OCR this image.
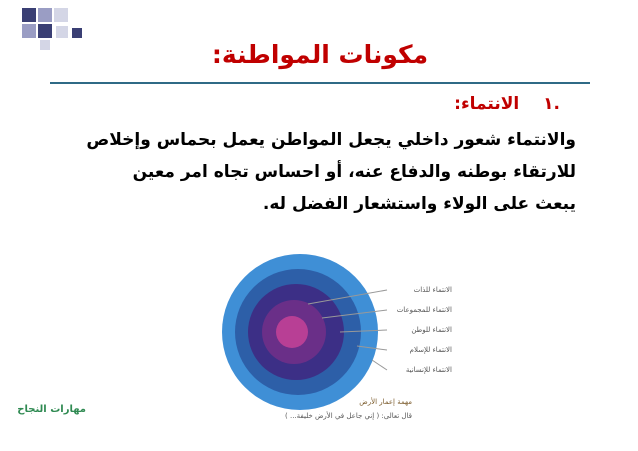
مكونات المواطنة:
.١ الانتماء:
والانتماء شعور داخلي يجعل المواطن يعمل بحماس وإخلاص
للارتقاء بوطنه والدفاع عنه، أو احساس تجاه امر معين
يبعث على الولاء واستشعار الفضل له.
الانتماء للذات
الانتماء للمجموعات
الانتماء للوطن
الانتماء للإسلام
الانتماء للإنسانية
مهمة إعمار الأرض
قال تعالى: ( إني جاعل في الأرض خليفة... )
مهارات النجاح
